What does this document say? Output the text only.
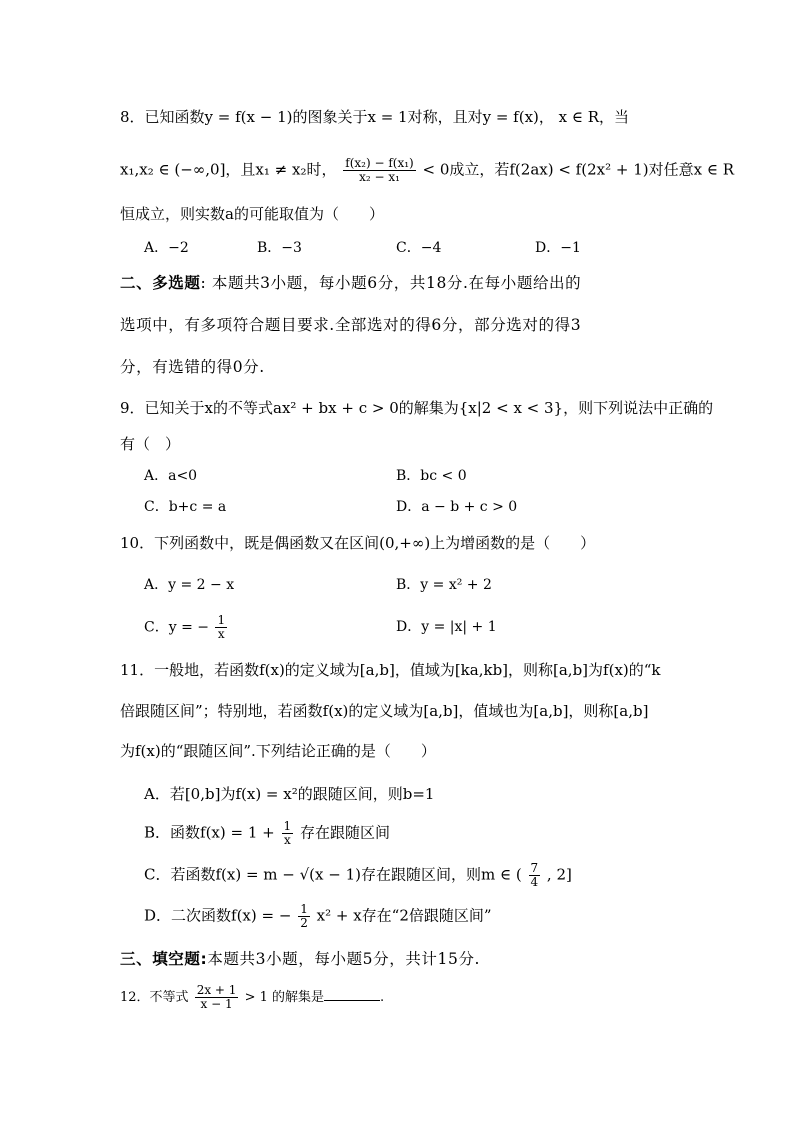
8．已知函数y = f(x − 1)的图象关于x = 1对称，且对y = f(x)， x ∈ R，当
x₁,x₂ ∈ (−∞,0]，且x₁ ≠ x₂时， $\frac{\text{f(x₂) − f(x₁)}}{\text{x₂ − x₁}} < 0$成立，若f(2ax) < f(2x² + 1)对任意x ∈ R
恒成立，则实数a的可能取值为（　　）
A．−2	B．−3	C．−4	D．−1
二、多选题: 本题共3小题，每小题6分，共18分.在每小题给出的
选项中，有多项符合题目要求.全部选对的得6分，部分选对的得3
分，有选错的得0分.
9．已知关于x的不等式ax² + bx + c > 0的解集为{x|2 < x < 3}，则下列说法中正确的
有（　）
A．a<0	B．bc < 0
C．b+c = a	D．a − b + c > 0
10．下列函数中，既是偶函数又在区间(0,+∞)上为增函数的是（　　）
A．y = 2 − x	B．y = x² + 2
C．y = − $\frac{1}{x}$	D．y = |x| + 1
11．一般地，若函数f(x)的定义域为[a,b]，值域为[ka,kb]，则称[a,b]为f(x)的“k
倍跟随区间”；特别地，若函数f(x)的定义域为[a,b]，值域也为[a,b]，则称[a,b]
为f(x)的“跟随区间”.下列结论正确的是（　　）
A．若[0,b]为f(x) = x²的跟随区间，则b=1
B．函数$f(x) = 1 + \frac{1}{x}$ 存在跟随区间
C．若函数f(x) = m − √(x − 1)存在跟随区间，则m ∈ ( $\frac{7}{4}$ , 2]
D．二次函数f(x) = − $\frac{1}{2} x^2 + x$存在“2倍跟随区间”
三、填空题:本题共3小题，每小题5分，共计15分.
12．不等式 $\frac{2x + 1}{x - 1} > 1$ 的解集是	.
